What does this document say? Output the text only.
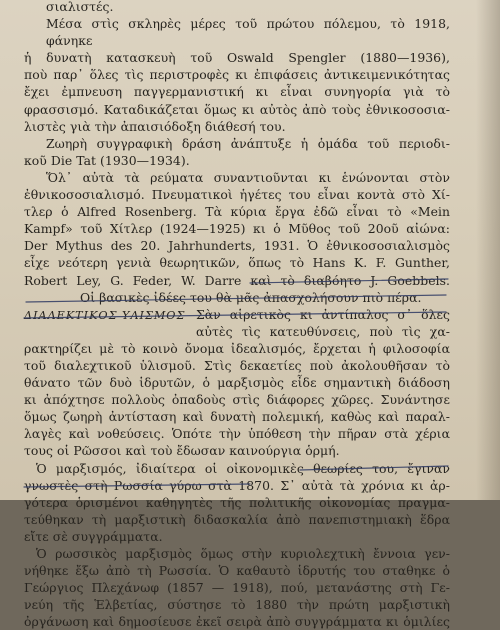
σιαλιστές.
Μέσα στὶς σκληρὲς μέρες τοῦ πρώτου πόλεμου, τὸ 1918, φάνηκε
ἡ δυνατὴ κατασκευὴ τοῦ Oswald Spengler (1880—1936),
ποὺ παρ᾿ ὅλες τὶς περιστροφὲς κι ἐπιφάσεις ἀντικειμενικότητας
ἔχει ἐμπνευση παγγερμανιστική κι εἶναι συνηγορία γιὰ τὸ
φρασσισμό. Καταδικάζεται ὅμως κι αὐτὸς ἀπὸ τοὺς ἐθνικοσοσια-
λιστὲς γιὰ τὴν ἀπαισιόδοξη διάθεσή του.
Ζωηρὴ συγγραφικὴ δράση ἀνάπτυξε ἡ ὁμάδα τοῦ περιοδι-
κοῦ Die Tat (1930—1934).
Ὅλ᾿ αὐτὰ τὰ ρεύματα συναντιοῦνται κι ἑνώνονται στὸν
ἐθνικοσοσιαλισμό. Πνευματικοὶ ἡγέτες του εἶναι κοντὰ στὸ Χί-
τλερ ὁ Alfred Rosenberg. Τὰ κύρια ἔργα ἐδῶ εἶναι τὸ «Mein
Kampf» τοῦ Χίτλερ (1924—1925) κι ὁ Μῦθος τοῦ 20οῦ αἰώνα:
Der Mythus des 20. Jahrhunderts, 1931. Ὁ ἐθνικοσοσιαλισμὸς
εἶχε νεότερη γενιὰ θεωρητικῶν, ὅπως τὸ Hans K. F. Gunther,
Robert Ley, G. Feder, W. Darre καὶ τὸ διαβόητο J. Goebbels.
Οἱ βασικὲς ἰδέες του θὰ μᾶς ἀπασχολήσουν πιὸ πέρα.
ΔΙΑΛΕΚΤΙΚΟΣ ΥΛΙΣΜΟΣ Σὰν αἱρετικὸς κι ἀντίπαλος σ᾿ ὅλες
αὐτὲς τὶς κατευθύνσεις, ποὺ τὶς χα-
ρακτηρίζει μὲ τὸ κοινὸ ὄνομα ἰδεαλισμός, ἔρχεται ἡ φιλοσοφία
τοῦ διαλεχτικοῦ ὑλισμοῦ. Στὶς δεκαετίες ποὺ ἀκολουθῆσαν τὸ
θάνατο τῶν δυὸ ἱδρυτῶν, ὁ μαρξισμὸς εἶδε σημαντικὴ διάδοση
κι ἀπόχτησε πολλοὺς ὀπαδοὺς στὶς διάφορες χῶρες. Συνάντησε
ὅμως ζωηρὴ ἀντίσταση καὶ δυνατὴ πολεμική, καθὼς καὶ παραλ-
λαγὲς καὶ νοθεύσεις. Ὁπότε τὴν ὑπόθεση τὴν πῆραν στὰ χέρια
τους οἱ Ρῶσσοι καὶ τοὺ ἔδωσαν καινούργια ὁρμή.
Ὁ μαρξισμός, ἰδιαίτερα οἱ οἰκονομικὲς θεωρίες του, ἔγιναν
γνωστὲς στὴ Ρωσσία γύρω στὰ 1870. Σ᾿ αὐτὰ τὰ χρόνια κι ἀρ-
γότερα ὁρισμένοι καθηγητὲς τῆς πολιτικῆς οἰκονομίας πραγμα-
τεύθηκαν τὴ μαρξιστικὴ διδασκαλία ἀπὸ πανεπιστημιακὴ ἕδρα
εἴτε σὲ συγγράμματα.
Ὁ ρωσσικὸς μαρξισμὸς ὅμως στὴν κυριολεχτικὴ ἔννοια γεν-
νήθηκε ἔξω ἀπὸ τὴ Ρωσσία. Ὁ καθαυτὸ ἱδρυτής του σταθηκε ὁ
Γεώργιος Πλεχάνωφ (1857 — 1918), πού, μετανάστης στὴ Γε-
νεύη τῆς Ἑλβετίας, σύστησε τὸ 1880 τὴν πρώτη μαρξιστικὴ
ὀργάνωση καὶ δημοσίευσε ἐκεῖ σειρὰ ἀπὸ συγγράμματα κι ὁμιλίες
